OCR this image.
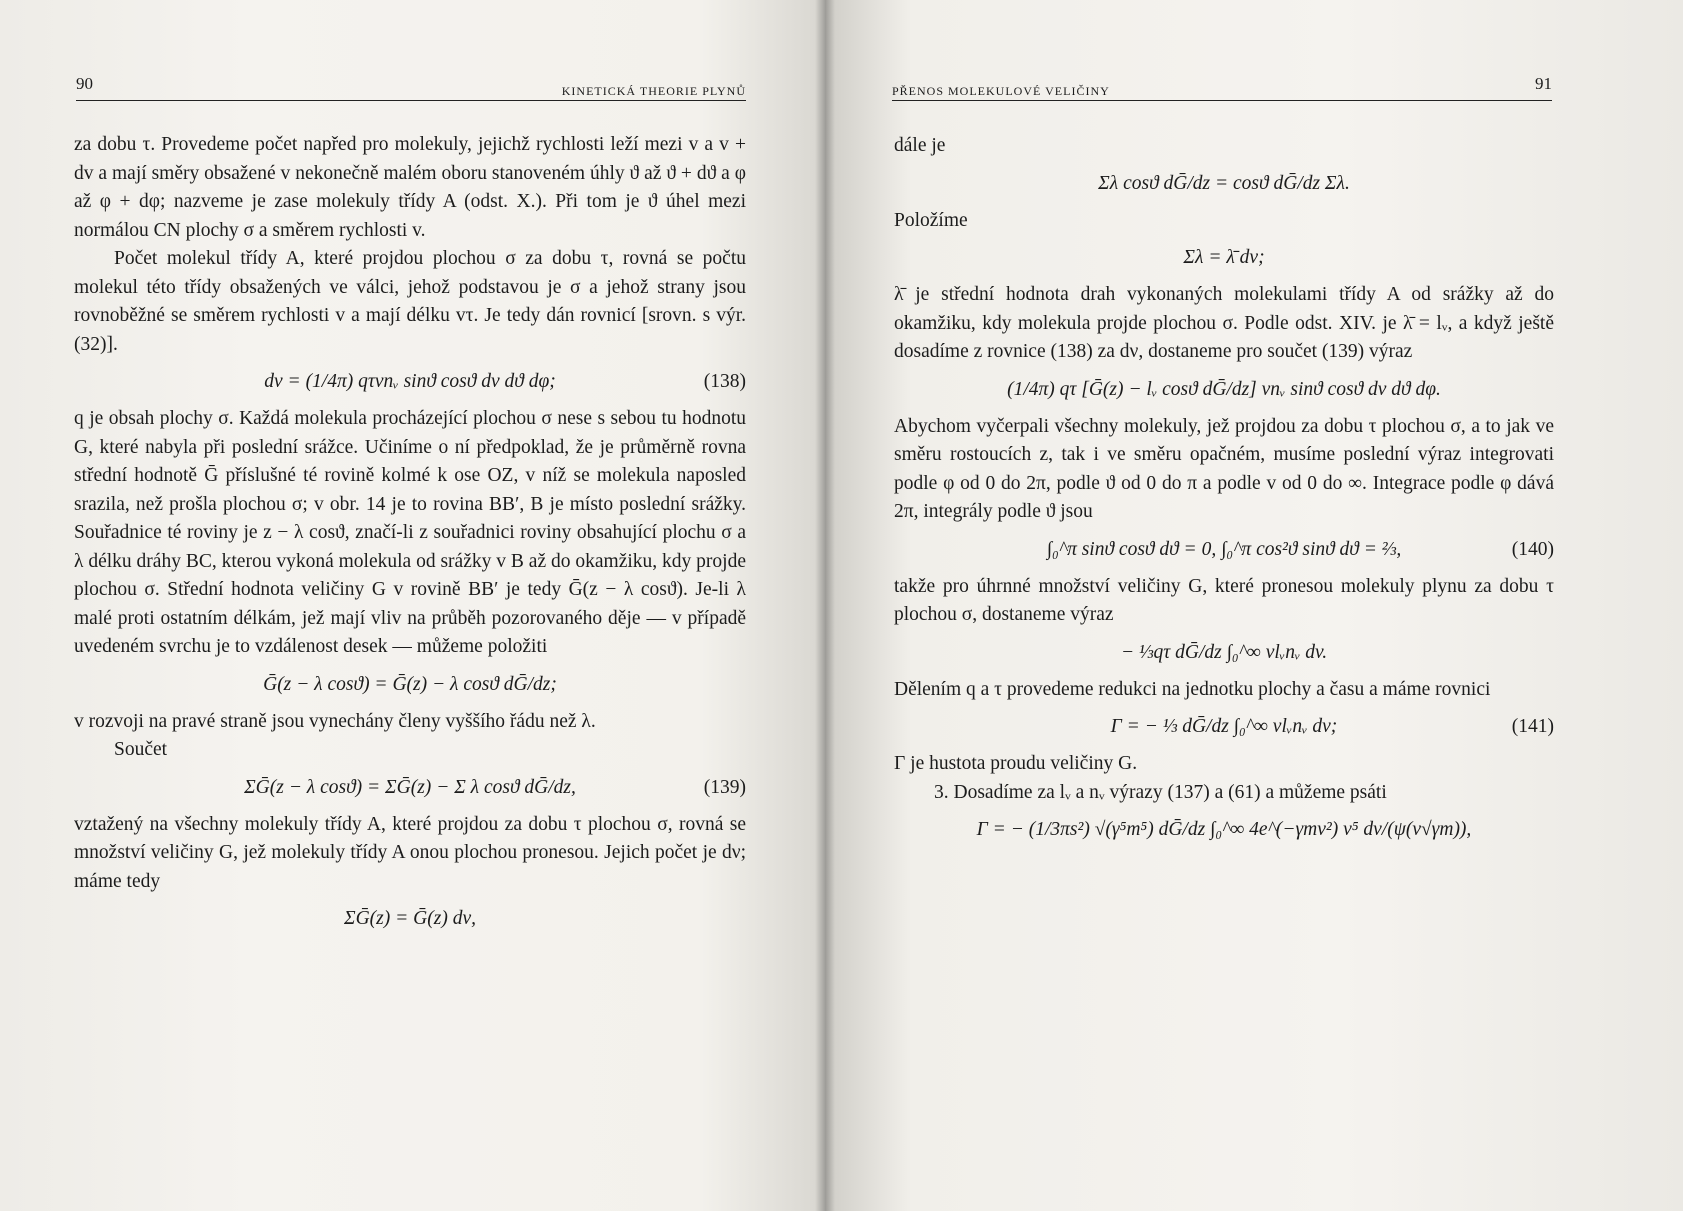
90	KINETICKÁ THEORIE PLYNŮ

za dobu τ. Provedeme počet napřed pro molekuly, jejichž rychlosti leží mezi v a v + dv a mají směry obsažené v nekonečně malém oboru stanoveném úhly ϑ až ϑ + dϑ a φ až φ + dφ; nazveme je zase molekuly třídy A (odst. X.). Při tom je ϑ úhel mezi normálou CN plochy σ a směrem rychlosti v.

Počet molekul třídy A, které projdou plochou σ za dobu τ, rovná se počtu molekul této třídy obsažených ve válci, jehož podstavou je σ a jehož strany jsou rovnoběžné se směrem rychlosti v a mají délku vτ. Je tedy dán rovnicí [srovn. s výr. (32)].

dν = (1/4π) qτvnᵥ sinϑ cosϑ dv dϑ dφ;	(138)

q je obsah plochy σ. Každá molekula procházející plochou σ nese s sebou tu hodnotu G, které nabyla při poslední srážce. Učiníme o ní předpoklad, že je průměrně rovna střední hodnotě Ḡ příslušné té rovině kolmé k ose OZ, v níž se molekula naposled srazila, než prošla plochou σ; v obr. 14 je to rovina BB′, B je místo poslední srážky. Souřadnice té roviny je z − λ cosϑ, značí-li z souřadnici roviny obsahující plochu σ a λ délku dráhy BC, kterou vykoná molekula od srážky v B až do okamžiku, kdy projde plochou σ. Střední hodnota veličiny G v rovině BB′ je tedy Ḡ(z − λ cosϑ). Je-li λ malé proti ostatním délkám, jež mají vliv na průběh pozorovaného děje — v případě uvedeném svrchu je to vzdálenost desek — můžeme položiti

Ḡ(z − λ cosϑ) = Ḡ(z) − λ cosϑ dḠ/dz;

v rozvoji na pravé straně jsou vynechány členy vyššího řádu než λ.

Součet

ΣḠ(z − λ cosϑ) = ΣḠ(z) − Σ λ cosϑ dḠ/dz,	(139)

vztažený na všechny molekuly třídy A, které projdou za dobu τ plochou σ, rovná se množství veličiny G, jež molekuly třídy A onou plochou pronesou. Jejich počet je dν; máme tedy

ΣḠ(z) = Ḡ(z) dν,
PŘENOS MOLEKULOVÉ VELIČINY	91

dále je

Σλ cosϑ dḠ/dz = cosϑ dḠ/dz Σλ.

Položíme

Σλ = λ̄ dν;

λ̄ je střední hodnota drah vykonaných molekulami třídy A od srážky až do okamžiku, kdy molekula projde plochou σ. Podle odst. XIV. je λ̄ = lᵥ, a když ještě dosadíme z rovnice (138) za dν, dostaneme pro součet (139) výraz

(1/4π) qτ [Ḡ(z) − lᵥ cosϑ dḠ/dz] vnᵥ sinϑ cosϑ dv dϑ dφ.

Abychom vyčerpali všechny molekuly, jež projdou za dobu τ plochou σ, a to jak ve směru rostoucích z, tak i ve směru opačném, musíme poslední výraz integrovati podle φ od 0 do 2π, podle ϑ od 0 do π a podle v od 0 do ∞. Integrace podle φ dává 2π, integrály podle ϑ jsou

∫₀^π sinϑ cosϑ dϑ = 0, ∫₀^π cos²ϑ sinϑ dϑ = ⅔,	(140)

takže pro úhrnné množství veličiny G, které pronesou molekuly plynu za dobu τ plochou σ, dostaneme výraz

− ⅓qτ dḠ/dz ∫₀^∞ vlᵥnᵥ dv.

Dělením q a τ provedeme redukci na jednotku plochy a času a máme rovnici

Γ = − ⅓ dḠ/dz ∫₀^∞ vlᵥnᵥ dv;	(141)

Γ je hustota proudu veličiny G.

3. Dosadíme za lᵥ a nᵥ výrazy (137) a (61) a můžeme psáti

Γ = − (1/3πs²) √(γ⁵m⁵) dḠ/dz ∫₀^∞ 4e^(−γmv²) v⁵ dv/(ψ(v√γm)),
